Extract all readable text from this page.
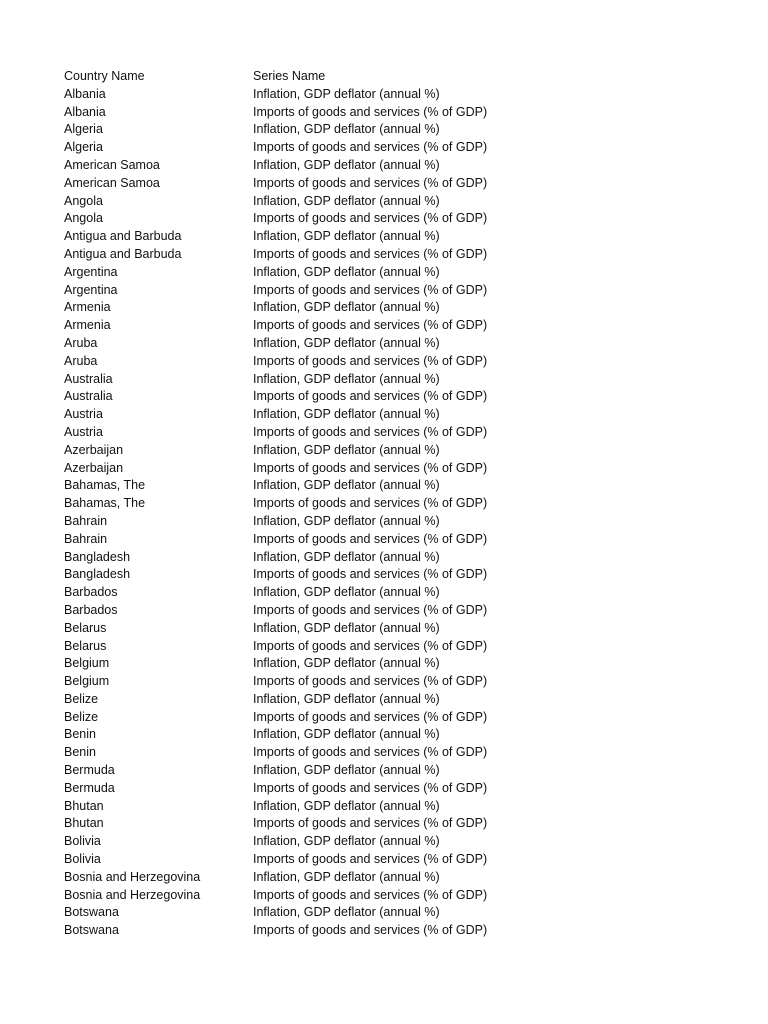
Country Name	Series Name
Albania	Inflation, GDP deflator (annual %)
Albania	Imports of goods and services (% of GDP)
Algeria	Inflation, GDP deflator (annual %)
Algeria	Imports of goods and services (% of GDP)
American Samoa	Inflation, GDP deflator (annual %)
American Samoa	Imports of goods and services (% of GDP)
Angola	Inflation, GDP deflator (annual %)
Angola	Imports of goods and services (% of GDP)
Antigua and Barbuda	Inflation, GDP deflator (annual %)
Antigua and Barbuda	Imports of goods and services (% of GDP)
Argentina	Inflation, GDP deflator (annual %)
Argentina	Imports of goods and services (% of GDP)
Armenia	Inflation, GDP deflator (annual %)
Armenia	Imports of goods and services (% of GDP)
Aruba	Inflation, GDP deflator (annual %)
Aruba	Imports of goods and services (% of GDP)
Australia	Inflation, GDP deflator (annual %)
Australia	Imports of goods and services (% of GDP)
Austria	Inflation, GDP deflator (annual %)
Austria	Imports of goods and services (% of GDP)
Azerbaijan	Inflation, GDP deflator (annual %)
Azerbaijan	Imports of goods and services (% of GDP)
Bahamas, The	Inflation, GDP deflator (annual %)
Bahamas, The	Imports of goods and services (% of GDP)
Bahrain	Inflation, GDP deflator (annual %)
Bahrain	Imports of goods and services (% of GDP)
Bangladesh	Inflation, GDP deflator (annual %)
Bangladesh	Imports of goods and services (% of GDP)
Barbados	Inflation, GDP deflator (annual %)
Barbados	Imports of goods and services (% of GDP)
Belarus	Inflation, GDP deflator (annual %)
Belarus	Imports of goods and services (% of GDP)
Belgium	Inflation, GDP deflator (annual %)
Belgium	Imports of goods and services (% of GDP)
Belize	Inflation, GDP deflator (annual %)
Belize	Imports of goods and services (% of GDP)
Benin	Inflation, GDP deflator (annual %)
Benin	Imports of goods and services (% of GDP)
Bermuda	Inflation, GDP deflator (annual %)
Bermuda	Imports of goods and services (% of GDP)
Bhutan	Inflation, GDP deflator (annual %)
Bhutan	Imports of goods and services (% of GDP)
Bolivia	Inflation, GDP deflator (annual %)
Bolivia	Imports of goods and services (% of GDP)
Bosnia and Herzegovina	Inflation, GDP deflator (annual %)
Bosnia and Herzegovina	Imports of goods and services (% of GDP)
Botswana	Inflation, GDP deflator (annual %)
Botswana	Imports of goods and services (% of GDP)
